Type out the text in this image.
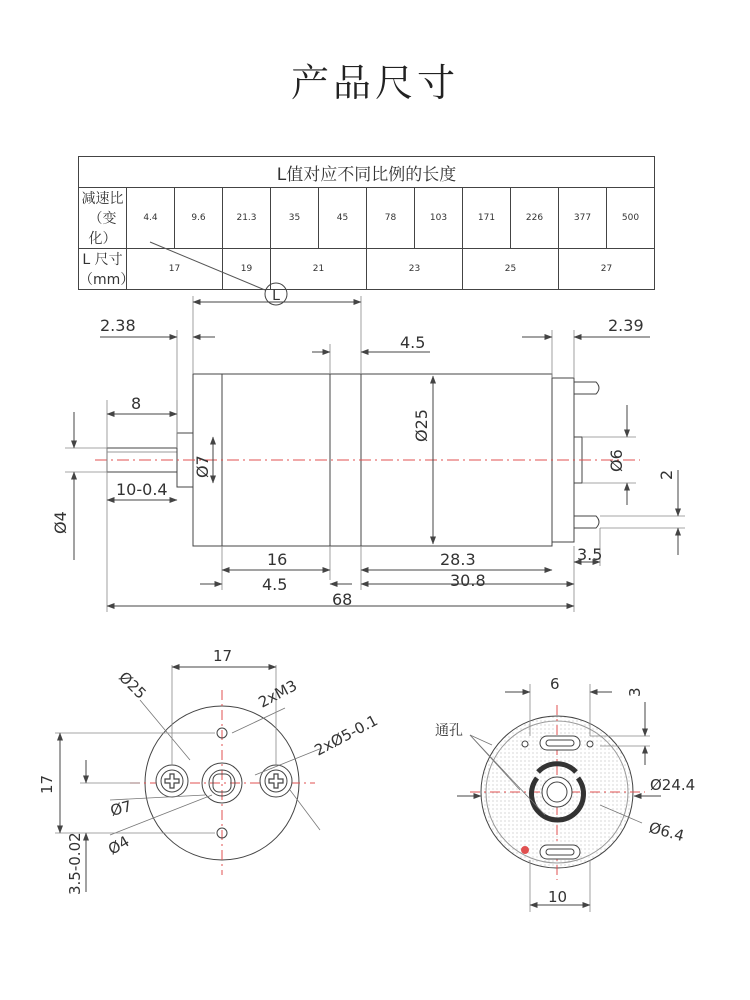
产品尺寸
L值对应不同比例的长度											
减速比（变化）	4.4	9.6	21.3	35	45	78	103	171	226	377	500
L 尺寸（mm）	17		19	21		23		25		27	
L
2.38
4.5
2.39
8
10-0.4
Ø4
Ø7
Ø25
Ø6
2
16
4.5
28.3
30.8
3.5
68
17
Ø25	2xM3
2xØ5-0.1
17
Ø7
Ø4
3.5-0.02
6	3
通孔
Ø24.4
Ø6.4
10
